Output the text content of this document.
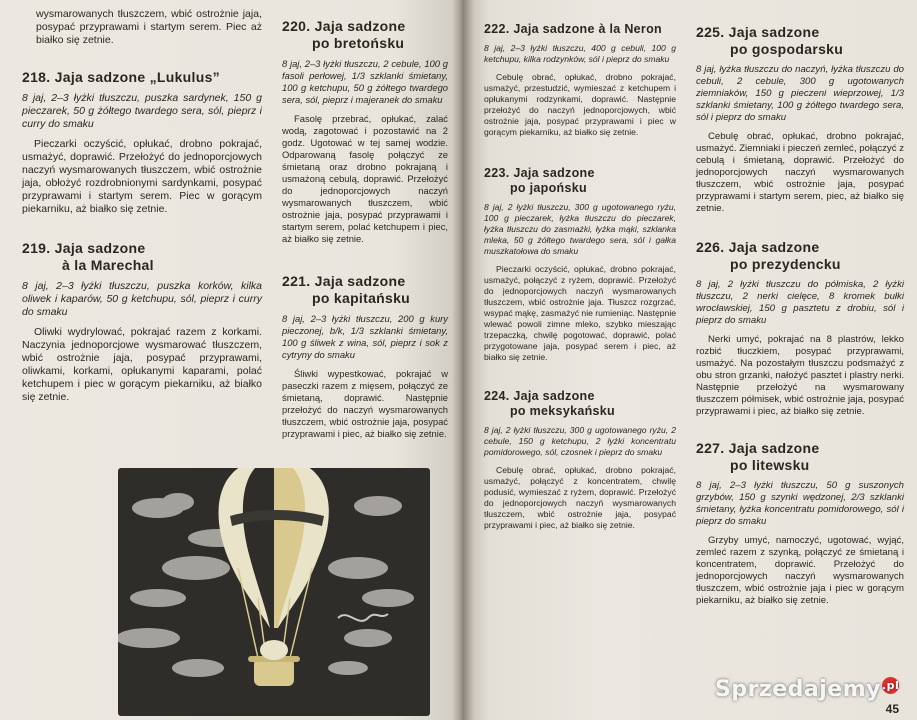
wysmarowanych tłuszczem, wbić ostrożnie jaja, posypać przyprawami i startym serem. Piec aż białko się zetnie.

218. Jaja sadzone „Lukulus”

8 jaj, 2–3 łyżki tłuszczu, puszka sardynek, 150 g pieczarek, 50 g żółtego twardego sera, sól, pieprz i curry do smaku

Pieczarki oczyścić, opłukać, drobno pokrajać, usmażyć, doprawić. Przełożyć do jednoporcjowych naczyń wysmarowanych tłuszczem, wbić ostrożnie jaja, obłożyć rozdrobnionymi sardynkami, posypać przyprawami i startym serem. Piec w gorącym piekarniku, aż białko się zetnie.

219. Jaja sadzone
à la Marechal

8 jaj, 2–3 łyżki tłuszczu, puszka korków, kilka oliwek i kaparów, 50 g ketchupu, sól, pieprz i curry do smaku

Oliwki wydrylować, pokrajać razem z korkami. Naczynia jednoporcjowe wysmarować tłuszczem, wbić ostrożnie jaja, posypać przyprawami, oliwkami, korkami, opłukanymi kaparami, polać ketchupem i piec w gorącym piekarniku, aż białko się zetnie.

220. Jaja sadzone
po bretońsku

8 jaj, 2–3 łyżki tłuszczu, 2 cebule, 100 g fasoli perłowej, 1/3 szklanki śmietany, 100 g ketchupu, 50 g żółtego twardego sera, sól, pieprz i majeranek do smaku

Fasolę przebrać, opłukać, zalać wodą, zagotować i pozostawić na 2 godz. Ugotować w tej samej wodzie. Odparowaną fasolę połączyć ze śmietaną oraz drobno pokrajaną i usmażoną cebulą, doprawić. Przełożyć do jednoporcjowych naczyń wysmarowanych tłuszczem, wbić ostrożnie jaja, posypać przyprawami i startym serem, polać ketchupem i piec, aż białko się zetnie.

221. Jaja sadzone
po kapitańsku

8 jaj, 2–3 łyżki tłuszczu, 200 g kury pieczonej, b/k, 1/3 szklanki śmietany, 100 g śliwek z wina, sól, pieprz i sok z cytryny do smaku

Śliwki wypestkować, pokrajać w paseczki razem z mięsem, połączyć ze śmietaną, doprawić. Następnie przełożyć do naczyń wysmarowanych tłuszczem, wbić ostrożnie jaja, posypać przyprawami i piec, aż białko się zetnie.

222. Jaja sadzone à la Neron

8 jaj, 2–3 łyżki tłuszczu, 400 g cebuli, 100 g ketchupu, kilka rodzynków, sól i pieprz do smaku

Cebulę obrać, opłukać, drobno pokrajać, usmażyć, przestudzić, wymieszać z ketchupem i opłukanymi rodzynkami, doprawić. Następnie przełożyć do naczyń jednoporcjowych, wbić ostrożnie jaja, posypać przyprawami i piec w gorącym piekarniku, aż białko się zetnie.

223. Jaja sadzone
po japońsku

8 jaj, 2 łyżki tłuszczu, 300 g ugotowanego ryżu, 100 g pieczarek, łyżka tłuszczu do pieczarek, łyżka tłuszczu do zasmażki, łyżka mąki, szklanka mleka, 50 g żółtego twardego sera, sól i gałka muszkatołowa do smaku

Pieczarki oczyścić, opłukać, drobno pokrajać, usmażyć, połączyć z ryżem, doprawić. Przełożyć do jednoporcjowych naczyń wysmarowanych tłuszczem, wbić ostrożnie jaja. Tłuszcz rozgrzać, wsypać mąkę, zasmażyć nie rumieniąc. Następnie wlewać powoli zimne mleko, szybko mieszając trzepaczką, chwilę pogotować, doprawić, polać przygotowane jaja, posypać serem i piec, aż białko się zetnie.

224. Jaja sadzone
po meksykańsku

8 jaj, 2 łyżki tłuszczu, 300 g ugotowanego ryżu, 2 cebule, 150 g ketchupu, 2 łyżki koncentratu pomidorowego, sól, czosnek i pieprz do smaku

Cebulę obrać, opłukać, drobno pokrajać, usmażyć, połączyć z koncentratem, chwilę podusić, wymieszać z ryżem, doprawić. Przełożyć do jednoporcjowych naczyń wysmarowanych tłuszczem, wbić ostrożnie jaja, posypać przyprawami i piec, aż białko się zetnie.

225. Jaja sadzone
po gospodarsku

8 jaj, łyżka tłuszczu do naczyń, łyżka tłuszczu do cebuli, 2 cebule, 300 g ugotowanych ziemniaków, 150 g pieczeni wieprzowej, 1/3 szklanki śmietany, 100 g żółtego twardego sera, sól i pieprz do smaku

Cebulę obrać, opłukać, drobno pokrajać, usmażyć. Ziemniaki i pieczeń zemleć, połączyć z cebulą i śmietaną, doprawić. Przełożyć do jednoporcjowych naczyń wysmarowanych tłuszczem, wbić ostrożnie jaja, posypać przyprawami i startym serem, piec, aż białko się zetnie.

226. Jaja sadzone
po prezydencku

8 jaj, 2 łyżki tłuszczu do półmiska, 2 łyżki tłuszczu, 2 nerki cielęce, 8 kromek bułki wrocławskiej, 150 g pasztetu z drobiu, sól i pieprz do smaku

Nerki umyć, pokrajać na 8 plastrów, lekko rozbić tłuczkiem, posypać przyprawami, usmażyć. Na pozostałym tłuszczu podsmażyć z obu stron grzanki, nałożyć pasztet i plastry nerki. Następnie przełożyć na wysmarowany tłuszczem półmisek, wbić ostrożnie jaja, posypać przyprawami i piec, aż białko się zetnie.

227. Jaja sadzone
po litewsku

8 jaj, 2–3 łyżki tłuszczu, 50 g suszonych grzybów, 150 g szynki wędzonej, 2/3 szklanki śmietany, łyżka koncentratu pomidorowego, sól i pieprz do smaku

Grzyby umyć, namoczyć, ugotować, wyjąć, zemleć razem z szynką, połączyć ze śmietaną i koncentratem, doprawić. Przełożyć do jednoporcjowych naczyń wysmarowanych tłuszczem, wbić ostrożnie jaja i piec w gorącym piekarniku, aż białko się zetnie.

Sprzedajemy.pl
45
